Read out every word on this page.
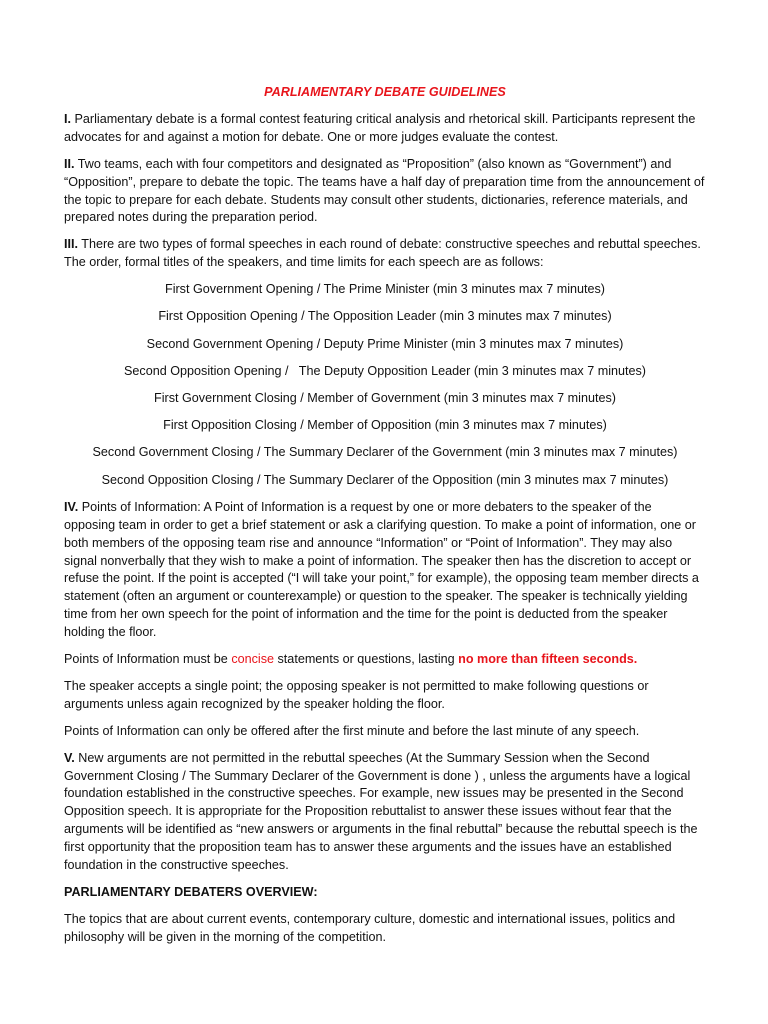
PARLIAMENTARY DEBATE GUIDELINES

I. Parliamentary debate is a formal contest featuring critical analysis and rhetorical skill. Participants represent the advocates for and against a motion for debate. One or more judges evaluate the contest.

II. Two teams, each with four competitors and designated as “Proposition” (also known as “Government”) and “Opposition”, prepare to debate the topic. The teams have a half day of preparation time from the announcement of the topic to prepare for each debate. Students may consult other students, dictionaries, reference materials, and prepared notes during the preparation period.

III. There are two types of formal speeches in each round of debate: constructive speeches and rebuttal speeches. The order, formal titles of the speakers, and time limits for each speech are as follows:

First Government Opening / The Prime Minister (min 3 minutes max 7 minutes)
First Opposition Opening / The Opposition Leader (min 3 minutes max 7 minutes)
Second Government Opening / Deputy Prime Minister (min 3 minutes max 7 minutes)
Second Opposition Opening /   The Deputy Opposition Leader (min 3 minutes max 7 minutes)
First Government Closing / Member of Government (min 3 minutes max 7 minutes)
First Opposition Closing / Member of Opposition (min 3 minutes max 7 minutes)
Second Government Closing / The Summary Declarer of the Government (min 3 minutes max 7 minutes)
Second Opposition Closing / The Summary Declarer of the Opposition (min 3 minutes max 7 minutes)

IV. Points of Information: A Point of Information is a request by one or more debaters to the speaker of the opposing team in order to get a brief statement or ask a clarifying question. To make a point of information, one or both members of the opposing team rise and announce “Information” or “Point of Information”. They may also signal nonverbally that they wish to make a point of information. The speaker then has the discretion to accept or refuse the point. If the point is accepted (“I will take your point,” for example), the opposing team member directs a statement (often an argument or counterexample) or question to the speaker. The speaker is technically yielding time from her own speech for the point of information and the time for the point is deducted from the speaker holding the floor.

Points of Information must be concise statements or questions, lasting no more than fifteen seconds.

The speaker accepts a single point; the opposing speaker is not permitted to make following questions or arguments unless again recognized by the speaker holding the floor.

Points of Information can only be offered after the first minute and before the last minute of any speech.

V. New arguments are not permitted in the rebuttal speeches (At the Summary Session when the Second Government Closing / The Summary Declarer of the Government is done ) , unless the arguments have a logical foundation established in the constructive speeches. For example, new issues may be presented in the Second Opposition speech. It is appropriate for the Proposition rebuttalist to answer these issues without fear that the arguments will be identified as “new answers or arguments in the final rebuttal” because the rebuttal speech is the first opportunity that the proposition team has to answer these arguments and the issues have an established foundation in the constructive speeches.

PARLIAMENTARY DEBATERS OVERVIEW:

The topics that are about current events, contemporary culture, domestic and international issues, politics and philosophy will be given in the morning of the competition.
